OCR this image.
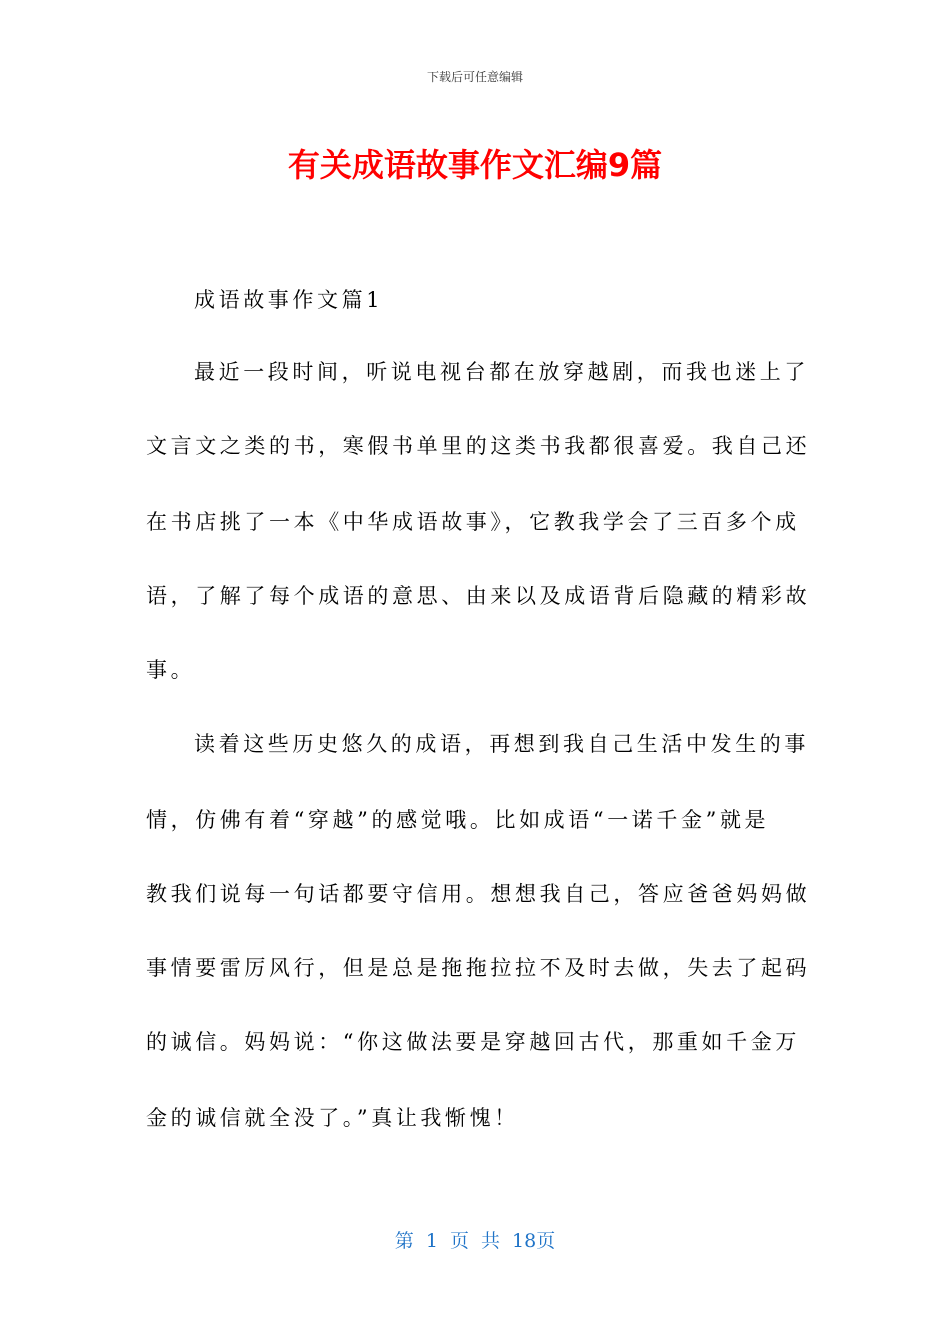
下载后可任意编辑
有关成语故事作文汇编9篇
成语故事作文篇1
最近一段时间，听说电视台都在放穿越剧，而我也迷上了
文言文之类的书，寒假书单里的这类书我都很喜爱。我自己还
在书店挑了一本《中华成语故事》，它教我学会了三百多个成
语，了解了每个成语的意思、由来以及成语背后隐藏的精彩故
事。
读着这些历史悠久的成语，再想到我自己生活中发生的事
情，仿佛有着“穿越”的感觉哦。比如成语“一诺千金”就是
教我们说每一句话都要守信用。想想我自己，答应爸爸妈妈做
事情要雷厉风行，但是总是拖拖拉拉不及时去做，失去了起码
的诚信。妈妈说：“你这做法要是穿越回古代，那重如千金万
金的诚信就全没了。”真让我惭愧！
第 1 页 共 18页
